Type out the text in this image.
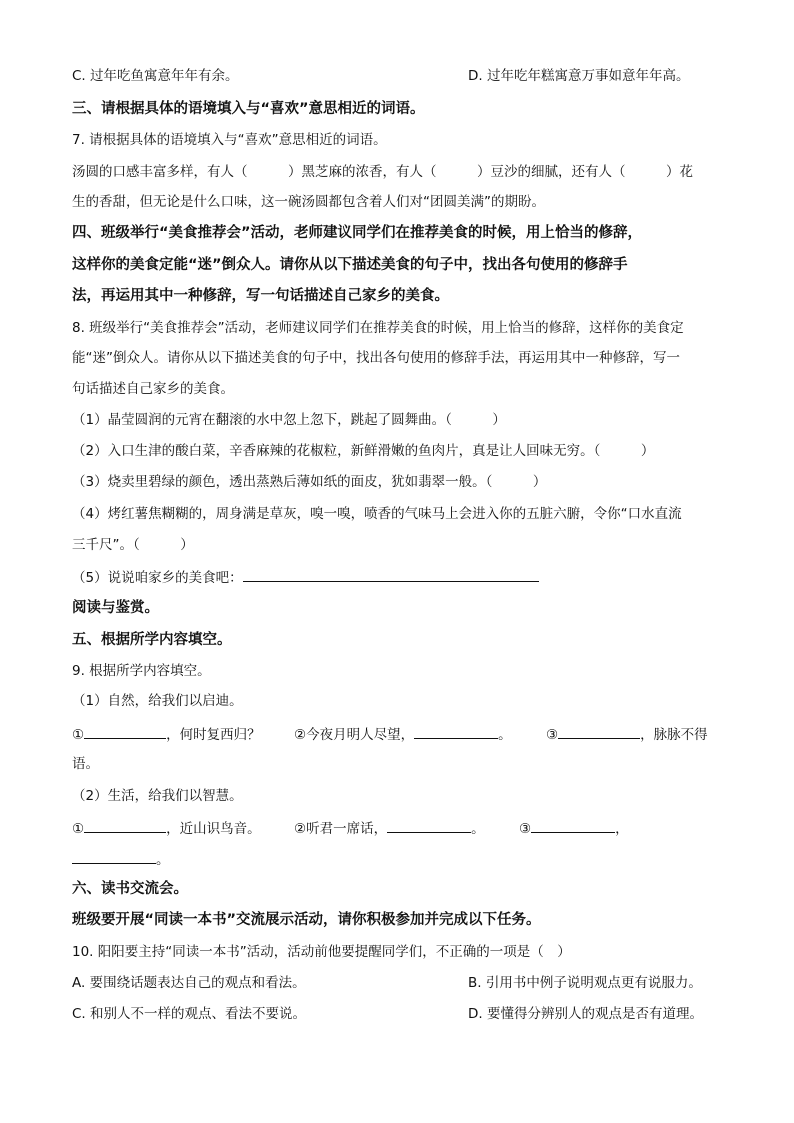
C. 过年吃鱼寓意年年有余。	D. 过年吃年糕寓意万事如意年年高。
三、请根据具体的语境填入与“喜欢”意思相近的词语。
7. 请根据具体的语境填入与“喜欢”意思相近的词语。
汤圆的口感丰富多样，有人（　　　）黑芝麻的浓香，有人（　　　）豆沙的细腻，还有人（　　　）花
生的香甜，但无论是什么口味，这一碗汤圆都包含着人们对“团圆美满”的期盼。
四、班级举行“美食推荐会”活动，老师建议同学们在推荐美食的时候，用上恰当的修辞，
这样你的美食定能“迷”倒众人。请你从以下描述美食的句子中，找出各句使用的修辞手
法，再运用其中一种修辞，写一句话描述自己家乡的美食。
8. 班级举行“美食推荐会”活动，老师建议同学们在推荐美食的时候，用上恰当的修辞，这样你的美食定
能“迷”倒众人。请你从以下描述美食的句子中，找出各句使用的修辞手法，再运用其中一种修辞，写一
句话描述自己家乡的美食。
（1）晶莹圆润的元宵在翻滚的水中忽上忽下，跳起了圆舞曲。（　　　）
（2）入口生津的酸白菜，辛香麻辣的花椒粒，新鲜滑嫩的鱼肉片，真是让人回味无穷。（　　　）
（3）烧卖里碧绿的颜色，透出蒸熟后薄如纸的面皮，犹如翡翠一般。（　　　）
（4）烤红薯焦糊糊的，周身满是草灰，嗅一嗅，喷香的气味马上会进入你的五脏六腑，令你“口水直流
三千尺”。（　　　）
（5）说说咱家乡的美食吧：
阅读与鉴赏。
五、根据所学内容填空。
9. 根据所学内容填空。
（1）自然，给我们以启迪。
①	，何时复西归？ ②今夜月明人尽望，	。	③	，脉脉不得
语。
（2）生活，给我们以智慧。
①	，近山识鸟音。 ②听君一席话，	。	③	，
。
六、读书交流会。
班级要开展“同读一本书”交流展示活动，请你积极参加并完成以下任务。
10. 阳阳要主持“同读一本书”活动，活动前他要提醒同学们，不正确的一项是（　）
A. 要围绕话题表达自己的观点和看法。	B. 引用书中例子说明观点更有说服力。
C. 和别人不一样的观点、看法不要说。	D. 要懂得分辨别人的观点是否有道理。
